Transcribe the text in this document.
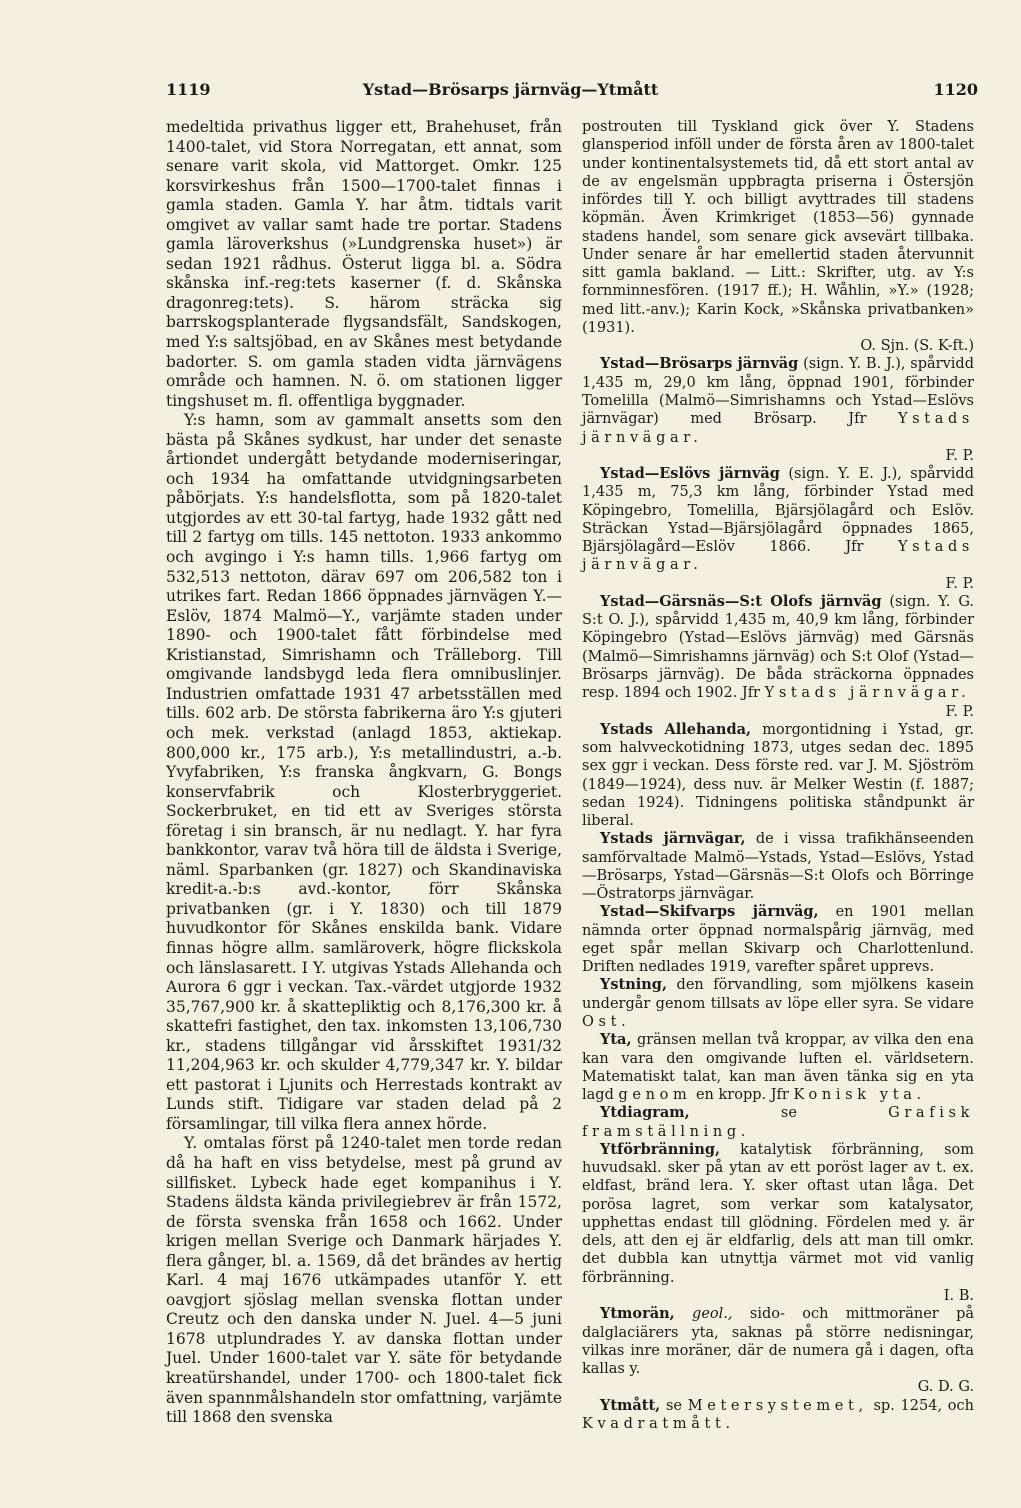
1119	Ystad—Brösarps järnväg—Ytmått	1120

medeltida privathus ligger ett, Brahehuset, från 1400-talet, vid Stora Norregatan, ett annat, som senare varit skola, vid Mattorget. Omkr. 125 korsvirkeshus från 1500—1700-talet finnas i gamla staden. Gamla Y. har åtm. tidtals varit omgivet av vallar samt hade tre portar. Stadens gamla läroverkshus (»Lundgrenska huset») är sedan 1921 rådhus. Österut ligga bl. a. Södra skånska inf.-reg:tets kaserner (f. d. Skånska dragonreg:tets). S. härom sträcka sig barrskogsplanterade flygsandsfält, Sandskogen, med Y:s saltsjöbad, en av Skånes mest betydande badorter. S. om gamla staden vidta järnvägens område och hamnen. N. ö. om stationen ligger tingshuset m. fl. offentliga byggnader.

Y:s hamn, som av gammalt ansetts som den bästa på Skånes sydkust, har under det senaste årtiondet undergått betydande moderniseringar, och 1934 ha omfattande utvidgningsarbeten påbörjats. Y:s handelsflotta, som på 1820-talet utgjordes av ett 30-tal fartyg, hade 1932 gått ned till 2 fartyg om tills. 145 nettoton. 1933 ankommo och avgingo i Y:s hamn tills. 1,966 fartyg om 532,513 nettoton, därav 697 om 206,582 ton i utrikes fart. Redan 1866 öppnades järnvägen Y.—Eslöv, 1874 Malmö—Y., varjämte staden under 1890- och 1900-talet fått förbindelse med Kristianstad, Simrishamn och Trälleborg. Till omgivande landsbygd leda flera omnibuslinjer. Industrien omfattade 1931 47 arbetsställen med tills. 602 arb. De största fabrikerna äro Y:s gjuteri och mek. verkstad (anlagd 1853, aktiekap. 800,000 kr., 175 arb.), Y:s metallindustri, a.-b. Yvyfabriken, Y:s franska ångkvarn, G. Bongs konservfabrik och Klosterbryggeriet. Sockerbruket, en tid ett av Sveriges största företag i sin bransch, är nu nedlagt. Y. har fyra bankkontor, varav två höra till de äldsta i Sverige, näml. Sparbanken (gr. 1827) och Skandinaviska kredit-a.-b:s avd.-kontor, förr Skånska privatbanken (gr. i Y. 1830) och till 1879 huvudkontor för Skånes enskilda bank. Vidare finnas högre allm. samläroverk, högre flickskola och länslasarett. I Y. utgivas Ystads Allehanda och Aurora 6 ggr i veckan. Tax.-värdet utgjorde 1932 35,767,900 kr. å skattepliktig och 8,176,300 kr. å skattefri fastighet, den tax. inkomsten 13,106,730 kr., stadens tillgångar vid årsskiftet 1931/32 11,204,963 kr. och skulder 4,779,347 kr. Y. bildar ett pastorat i Ljunits och Herrestads kontrakt av Lunds stift. Tidigare var staden delad på 2 församlingar, till vilka flera annex hörde.

Y. omtalas först på 1240-talet men torde redan då ha haft en viss betydelse, mest på grund av sillfisket. Lybeck hade eget kompanihus i Y. Stadens äldsta kända privilegiebrev är från 1572, de första svenska från 1658 och 1662. Under krigen mellan Sverige och Danmark härjades Y. flera gånger, bl. a. 1569, då det brändes av hertig Karl. 4 maj 1676 utkämpades utanför Y. ett oavgjort sjöslag mellan svenska flottan under Creutz och den danska under N. Juel. 4—5 juni 1678 utplundrades Y. av danska flottan under Juel. Under 1600-talet var Y. säte för betydande kreatürshandel, under 1700- och 1800-talet fick även spannmålshandeln stor omfattning, varjämte till 1868 den svenska

postrouten till Tyskland gick över Y. Stadens glansperiod inföll under de första åren av 1800-talet under kontinentalsystemets tid, då ett stort antal av de av engelsmän uppbragta priserna i Östersjön infördes till Y. och billigt avyttrades till stadens köpmän. Även Krimkriget (1853—56) gynnade stadens handel, som senare gick avsevärt tillbaka. Under senare år har emellertid staden återvunnit sitt gamla bakland. — Litt.: Skrifter, utg. av Y:s fornminnesfören. (1917 ff.); H. Wåhlin, »Y.» (1928; med litt.-anv.); Karin Kock, »Skånska privatbanken» (1931).

O. Sjn. (S. K-ft.)

Ystad—Brösarps järnväg (sign. Y. B. J.), spårvidd 1,435 m, 29,0 km lång, öppnad 1901, förbinder Tomelilla (Malmö—Simrishamns och Ystad—Eslövs järnvägar) med Brösarp. Jfr Ystads järnvägar.
F. P.

Ystad—Eslövs järnväg (sign. Y. E. J.), spårvidd 1,435 m, 75,3 km lång, förbinder Ystad med Köpingebro, Tomelilla, Bjärsjölagård och Eslöv. Sträckan Ystad—Bjärsjölagård öppnades 1865, Bjärsjölagård—Eslöv 1866. Jfr Ystads järnvägar.
F. P.

Ystad—Gärsnäs—S:t Olofs järnväg (sign. Y. G. S:t O. J.), spårvidd 1,435 m, 40,9 km lång, förbinder Köpingebro (Ystad—Eslövs järnväg) med Gärsnäs (Malmö—Simrishamns järnväg) och S:t Olof (Ystad—Brösarps järnväg). De båda sträckorna öppnades resp. 1894 och 1902. Jfr Ystads järnvägar.
F. P.

Ystads Allehanda, morgontidning i Ystad, gr. som halvveckotidning 1873, utges sedan dec. 1895 sex ggr i veckan. Dess förste red. var J. M. Sjöström (1849—1924), dess nuv. är Melker Westin (f. 1887; sedan 1924). Tidningens politiska ståndpunkt är liberal.

Ystads järnvägar, de i vissa trafikhänseenden samförvaltade Malmö—Ystads, Ystad—Eslövs, Ystad—Brösarps, Ystad—Gärsnäs—S:t Olofs och Börringe—Östratorps järnvägar.

Ystad—Skifvarps järnväg, en 1901 mellan nämnda orter öppnad normalspårig järnväg, med eget spår mellan Skivarp och Charlottenlund. Driften nedlades 1919, varefter spåret upprevs.

Ystning, den förvandling, som mjölkens kasein undergår genom tillsats av löpe eller syra. Se vidare Ost.

Yta, gränsen mellan två kroppar, av vilka den ena kan vara den omgivande luften el. världsetern. Matematiskt talat, kan man även tänka sig en yta lagd genom en kropp. Jfr Konisk yta.

Ytdiagram, se Grafisk framställning.

Ytförbränning, katalytisk förbränning, som huvudsakl. sker på ytan av ett poröst lager av t. ex. eldfast, bränd lera. Y. sker oftast utan låga. Det porösa lagret, som verkar som katalysator, upphettas endast till glödning. Fördelen med y. är dels, att den ej är eldfarlig, dels att man till omkr. det dubbla kan utnyttja värmet mot vid vanlig förbränning.
I. B.

Ytmorän, geol., sido- och mittmoräner på dalglaciärers yta, saknas på större nedisningar, vilkas inre moräner, där de numera gå i dagen, ofta kallas y.
G. D. G.

Ytmått, se Metersystemet, sp. 1254, och Kvadratmått.
